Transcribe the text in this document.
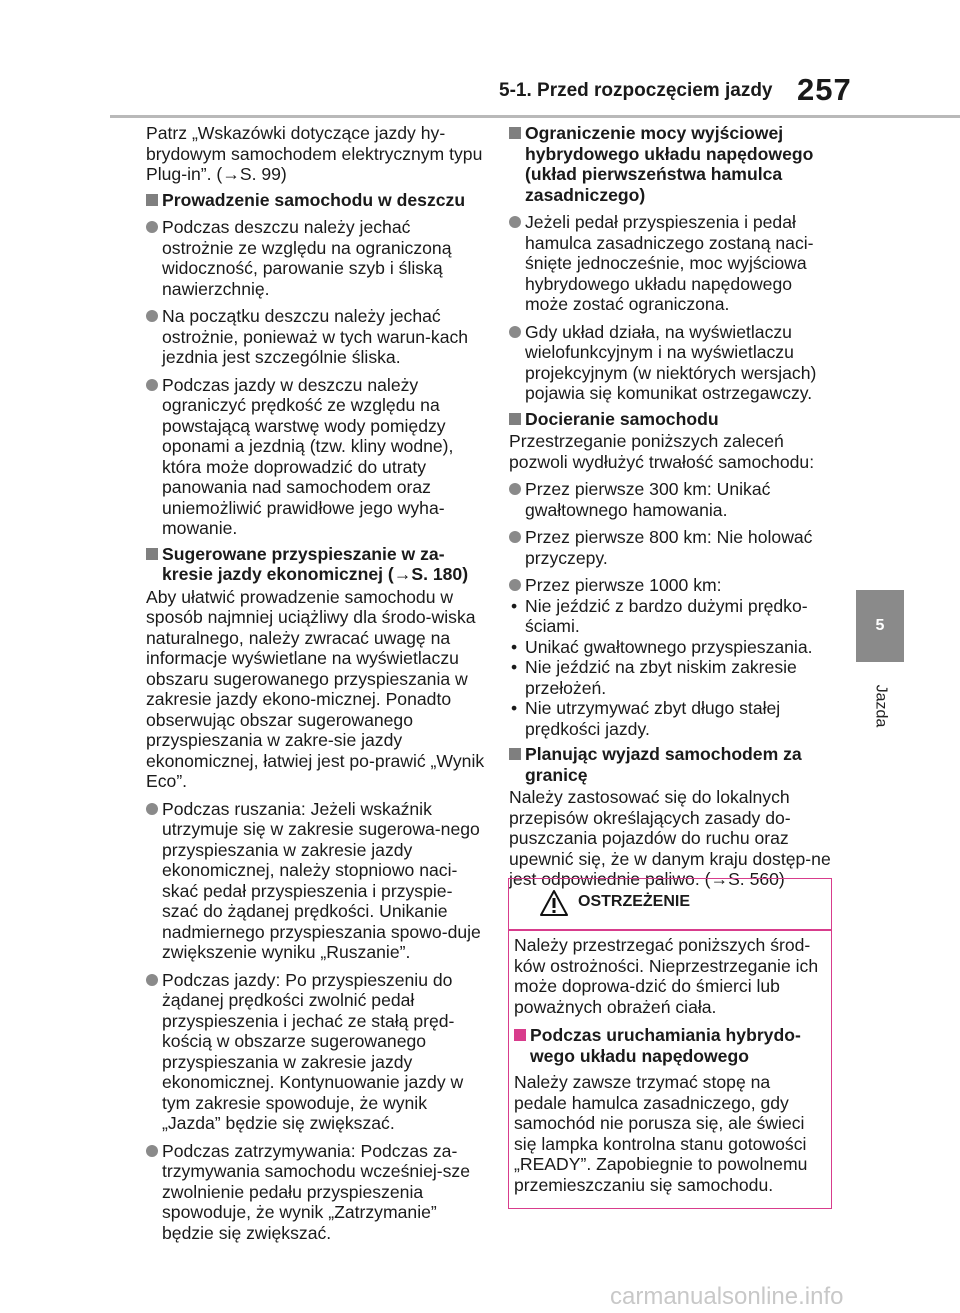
5-1. Przed rozpoczęciem jazdy 257
5
Jazda

Patrz „Wskazówki dotyczące jazdy hy-brydowym samochodem elektrycznym typu Plug-in”. (→S. 99)

Prowadzenie samochodu w deszczu

Podczas deszczu należy jechać ostrożnie ze względu na ograniczoną widoczność, parowanie szyb i śliską nawierzchnię.

Na początku deszczu należy jechać ostrożnie, ponieważ w tych warun-kach jezdnia jest szczególnie śliska.

Podczas jazdy w deszczu należy ograniczyć prędkość ze względu na powstającą warstwę wody pomiędzy oponami a jezdnią (tzw. kliny wodne), która może doprowadzić do utraty panowania nad samochodem oraz uniemożliwić prawidłowe jego wyha-mowanie.

Sugerowane przyspieszanie w za-kresie jazdy ekonomicznej (→S. 180)

Aby ułatwić prowadzenie samochodu w sposób najmniej uciążliwy dla środo-wiska naturalnego, należy zwracać uwagę na informacje wyświetlane na wyświetlaczu obszaru sugerowanego przyspieszania w zakresie jazdy ekono-micznej. Ponadto obserwując obszar sugerowanego przyspieszania w zakre-sie jazdy ekonomicznej, łatwiej jest po-prawić „Wynik Eco”.

Podczas ruszania: Jeżeli wskaźnik utrzymuje się w zakresie sugerowa-nego przyspieszania w zakresie jazdy ekonomicznej, należy stopniowo naci-skać pedał przyspieszenia i przyspie-szać do żądanej prędkości. Unikanie nadmiernego przyspieszania spowo-duje zwiększenie wyniku „Ruszanie”.

Podczas jazdy: Po przyspieszeniu do żądanej prędkości zwolnić pedał przyspieszenia i jechać ze stałą pręd-kością w obszarze sugerowanego przyspieszania w zakresie jazdy ekonomicznej. Kontynuowanie jazdy w tym zakresie spowoduje, że wynik „Jazda” będzie się zwiększać.

Podczas zatrzymywania: Podczas za-trzymywania samochodu wcześniej-sze zwolnienie pedału przyspieszenia spowoduje, że wynik „Zatrzymanie” będzie się zwiększać.

Ograniczenie mocy wyjściowej hybrydowego układu napędowego (układ pierwszeństwa hamulca zasadniczego)

Jeżeli pedał przyspieszenia i pedał hamulca zasadniczego zostaną naci-śnięte jednocześnie, moc wyjściowa hybrydowego układu napędowego może zostać ograniczona.

Gdy układ działa, na wyświetlaczu wielofunkcyjnym i na wyświetlaczu projekcyjnym (w niektórych wersjach) pojawia się komunikat ostrzegawczy.

Docieranie samochodu

Przestrzeganie poniższych zaleceń pozwoli wydłużyć trwałość samochodu:

Przez pierwsze 300 km: Unikać gwałtownego hamowania.

Przez pierwsze 800 km: Nie holować przyczepy.

Przez pierwsze 1000 km:

• Nie jeździć z bardzo dużymi prędko-ściami.

• Unikać gwałtownego przyspieszania.

• Nie jeździć na zbyt niskim zakresie przełożeń.

• Nie utrzymywać zbyt długo stałej prędkości jazdy.

Planując wyjazd samochodem za granicę

Należy zastosować się do lokalnych przepisów określających zasady do-puszczania pojazdów do ruchu oraz upewnić się, że w danym kraju dostęp-ne jest odpowiednie paliwo. (→S. 560)

OSTRZEŻENIE

Należy przestrzegać poniższych środ-ków ostrożności. Nieprzestrzeganie ich może doprowa-dzić do śmierci lub poważnych obrażeń ciała.

Podczas uruchamiania hybrydo-wego układu napędowego

Należy zawsze trzymać stopę na pedale hamulca zasadniczego, gdy samochód nie porusza się, ale świeci się lampka kontrolna stanu gotowości „READY”. Zapobiegnie to powolnemu przemieszczaniu się samochodu.

carmanualsonline.info
